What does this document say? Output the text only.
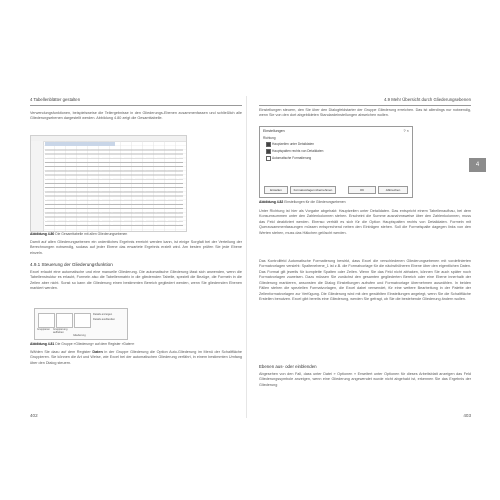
4 Tabellenblätter gestalten

Verwendungsfunktionen, beispielsweise die Teilergebnisse in den Gliederungs-Ebenen zusammenfassen und schließlich alle Gliederungsebenen dargestellt werden. Abbildung 4.80 zeigt die Gesamttabelle.

Abbildung 4.80 Die Gesamttabelle mit allen Gliederungsebenen

Damit auf allen Gliederungsebenen ein ordentliches Ergebnis erreicht werden kann, ist einige Sorgfalt bei der Verteilung der Berechnungen notwendig, sodass auf jeder Ebene das erwartete Ergebnis erzielt wird. Am besten prüfen Sie jede Ebene einzeln.

4.9.1 Steuerung der Gliederungsfunktion

Excel erlaubt eine automatische und eine manuelle Gliederung. Die automatische Gliederung lässt sich anwenden, wenn die Tabellenstruktur es erlaubt, Formeln also die Tabellenmatrix in die gliedernden Tabelle, speziell die Bezüge, die Formeln in die Zeilen aber nicht. Sonst so kann die Gliederung einen bestimmten Bereich gegliedert werden, wenn Sie gliedernden Ebenen markiert werden.

Gruppieren Gruppierung aufheben
Details anzeigen
Details ausblenden
Gliederung

Abbildung 4.81 Die Gruppe »Gliederung« auf dem Register »Daten«

Wählen Sie dazu auf dem Register Daten in der Gruppe Gliederung die Option Auto-Gliederung im Menü der Schaltfläche Gruppieren. Sie können die Art und Weise, wie Excel bei der automatischen Gliederung verfährt, in einem bestimmten Umfang über den Dialog steuern.

402
4.9 Mehr Übersicht durch Gliederungsebenen

Einstellungen steuern, den Sie über den Dialogfeldstarter der Gruppe Gliederung erreichen. Das ist allerdings nur notwendig, wenn Sie von den dort abgebildeten Standardeinstellungen abweichen wollen.

Einstellungen	? ×
Richtung
Hauptzeilen unter Detaildaten
Hauptspalten rechts von Detaildaten
Automatische Formatierung
Erstellen	Formatvorlagen übernehmen	OK	Abbrechen

Abbildung 4.82 Einstellungen für die Gliederungsebenen

Unter Richtung ist hier als Vorgabe abgehakt: Hauptzeilen unter Detaildaten. Das entspricht einem Tabellenaufbau, bei dem Konsumsummen unter den Zahlenkolonnen stehen. Erscheint die Summe ausnahmsweise über den Zahlenkolonnen, muss das Feld deaktiviert werden. Ebenso verhält es sich für die Option Hauptspalten rechts von Detaildaten. Formeln mit Querzusammenfassungen müssen entsprechend neben den Einträgen stehen. Soll die Formelspalte dagegen links von den Werten stehen, muss das Häkchen gelöscht werden.

Das Kontrollfeld Automatische Formatierung bewirkt, dass Excel die verschiedenen Gliederungsebenen mit vordefinierten Formatvorlagen versieht: Spaltenebene_1 ist z.B. die Formatvorlage für die nächsthöheren Ebene über den eigentlichen Daten. Das Format gilt jeweils für komplette Spalten oder Zeilen. Wenn Sie das Feld nicht abhaken, können Sie auch später noch Formatvorlagen zuweisen. Dazu müssen Sie zunächst den gesamten gegliederten Bereich oder eine Ebene innerhalb der Gliederung markieren, ansonsten die Dialog Einstellungen aufrufen und Formatvorlage übernehmen auswählen. In beiden Fällen stehen die speziellen Formatvorlagen, die Excel dabei verwendet, für eine weitere Bearbeitung in der Palette der Zellenformatvorlagen zur Verfügung. Die Gliederung wird mit den gewählten Einstellungen angelegt, wenn Sie die Schaltfläche Erstellen benutzen. Excel gibt bereits eine Gliederung, werden Sie gefragt, ob Sie die bestehende Gliederung ändern wollen.

Ebenen aus- oder einblenden

Abgesehen von den Fall, dass unter Datei » Optionen » Erweitert unter Optionen für dieses Arbeitsblatt anzeigen das Feld Gliederungssymbole anzeigen, wenn eine Gliederung angewendet wurde nicht abgehakt ist, erkennen Sie das Ergebnis der Gliederung

403
4
